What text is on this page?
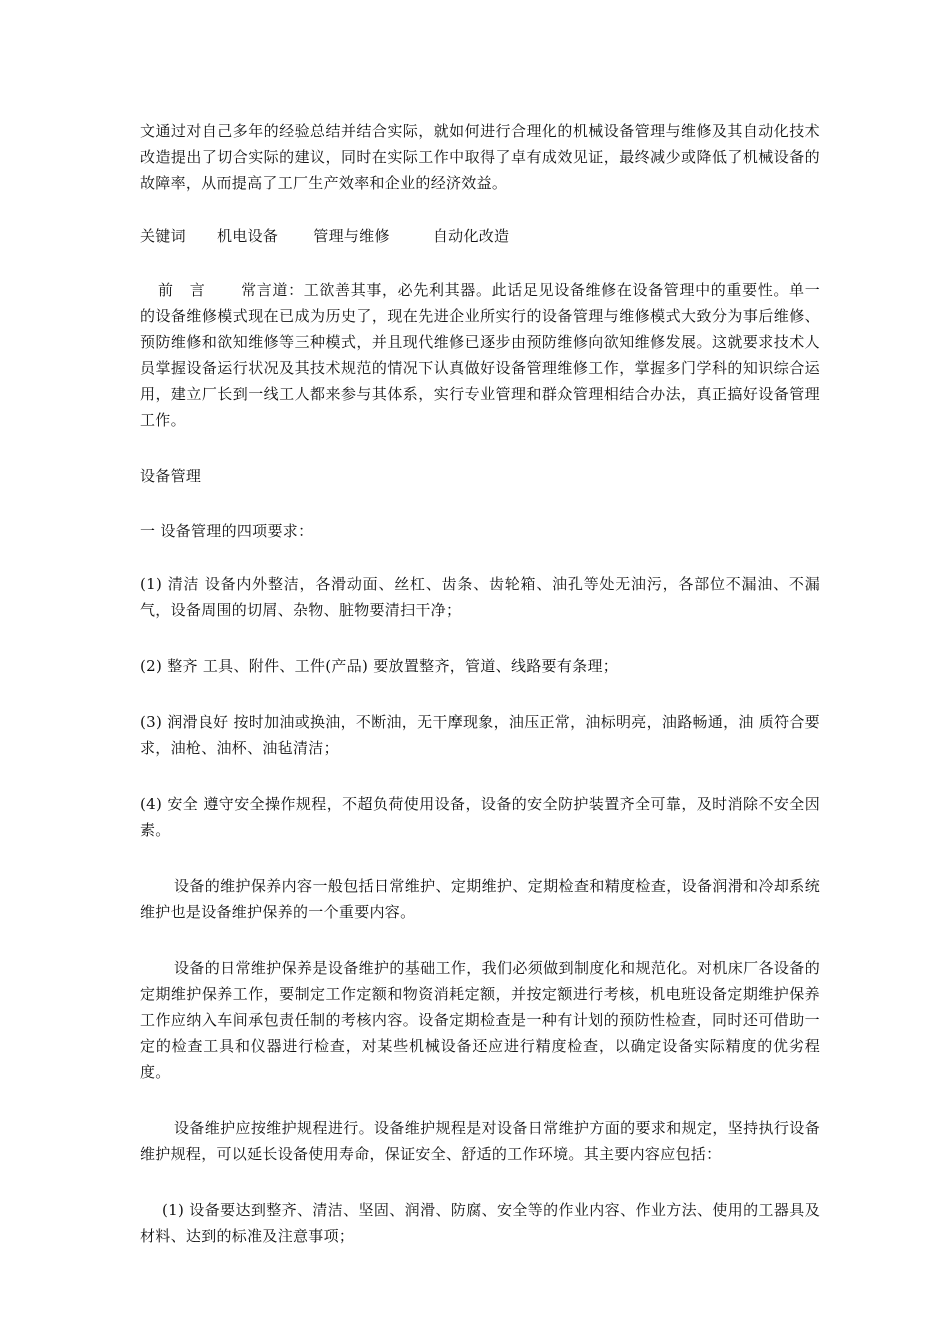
文通过对自己多年的经验总结并结合实际，就如何进行合理化的机械设备管理与维修及其自动化技术改造提出了切合实际的建议，同时在实际工作中取得了卓有成效见证，最终减少或降低了机械设备的故障率，从而提高了工厂生产效率和企业的经济效益。

关键词 机电设备 管理与维修	自动化改造

前 言 常言道：工欲善其事，必先利其器。此话足见设备维修在设备管理中的重要性。单一的设备维修模式现在已成为历史了，现在先进企业所实行的设备管理与维修模式大致分为事后维修、预防维修和欲知维修等三种模式，并且现代维修已逐步由预防维修向欲知维修发展。这就要求技术人员掌握设备运行状况及其技术规范的情况下认真做好设备管理维修工作，掌握多门学科的知识综合运用，建立厂长到一线工人都来参与其体系，实行专业管理和群众管理相结合办法，真正搞好设备管理工作。

设备管理

一 设备管理的四项要求：

(1) 清洁 设备内外整洁，各滑动面、丝杠、齿条、齿轮箱、油孔等处无油污，各部位不漏油、不漏气，设备周围的切屑、杂物、脏物要清扫干净；

(2) 整齐 工具、附件、工件(产品) 要放置整齐，管道、线路要有条理；

(3) 润滑良好 按时加油或换油，不断油，无干摩现象，油压正常，油标明亮，油路畅通，油 质符合要求，油枪、油杯、油毡清洁；

(4) 安全 遵守安全操作规程，不超负荷使用设备，设备的安全防护装置齐全可靠，及时消除不安全因素。

设备的维护保养内容一般包括日常维护、定期维护、定期检查和精度检查，设备润滑和冷却系统维护也是设备维护保养的一个重要内容。

设备的日常维护保养是设备维护的基础工作，我们必须做到制度化和规范化。对机床厂各设备的定期维护保养工作，要制定工作定额和物资消耗定额，并按定额进行考核，机电班设备定期维护保养工作应纳入车间承包责任制的考核内容。设备定期检查是一种有计划的预防性检查，同时还可借助一定的检查工具和仪器进行检查，对某些机械设备还应进行精度检查，以确定设备实际精度的优劣程度。

设备维护应按维护规程进行。设备维护规程是对设备日常维护方面的要求和规定，坚持执行设备维护规程，可以延长设备使用寿命，保证安全、舒适的工作环境。其主要内容应包括：

(1) 设备要达到整齐、清洁、坚固、润滑、防腐、安全等的作业内容、作业方法、使用的工器具及材料、达到的标准及注意事项；
